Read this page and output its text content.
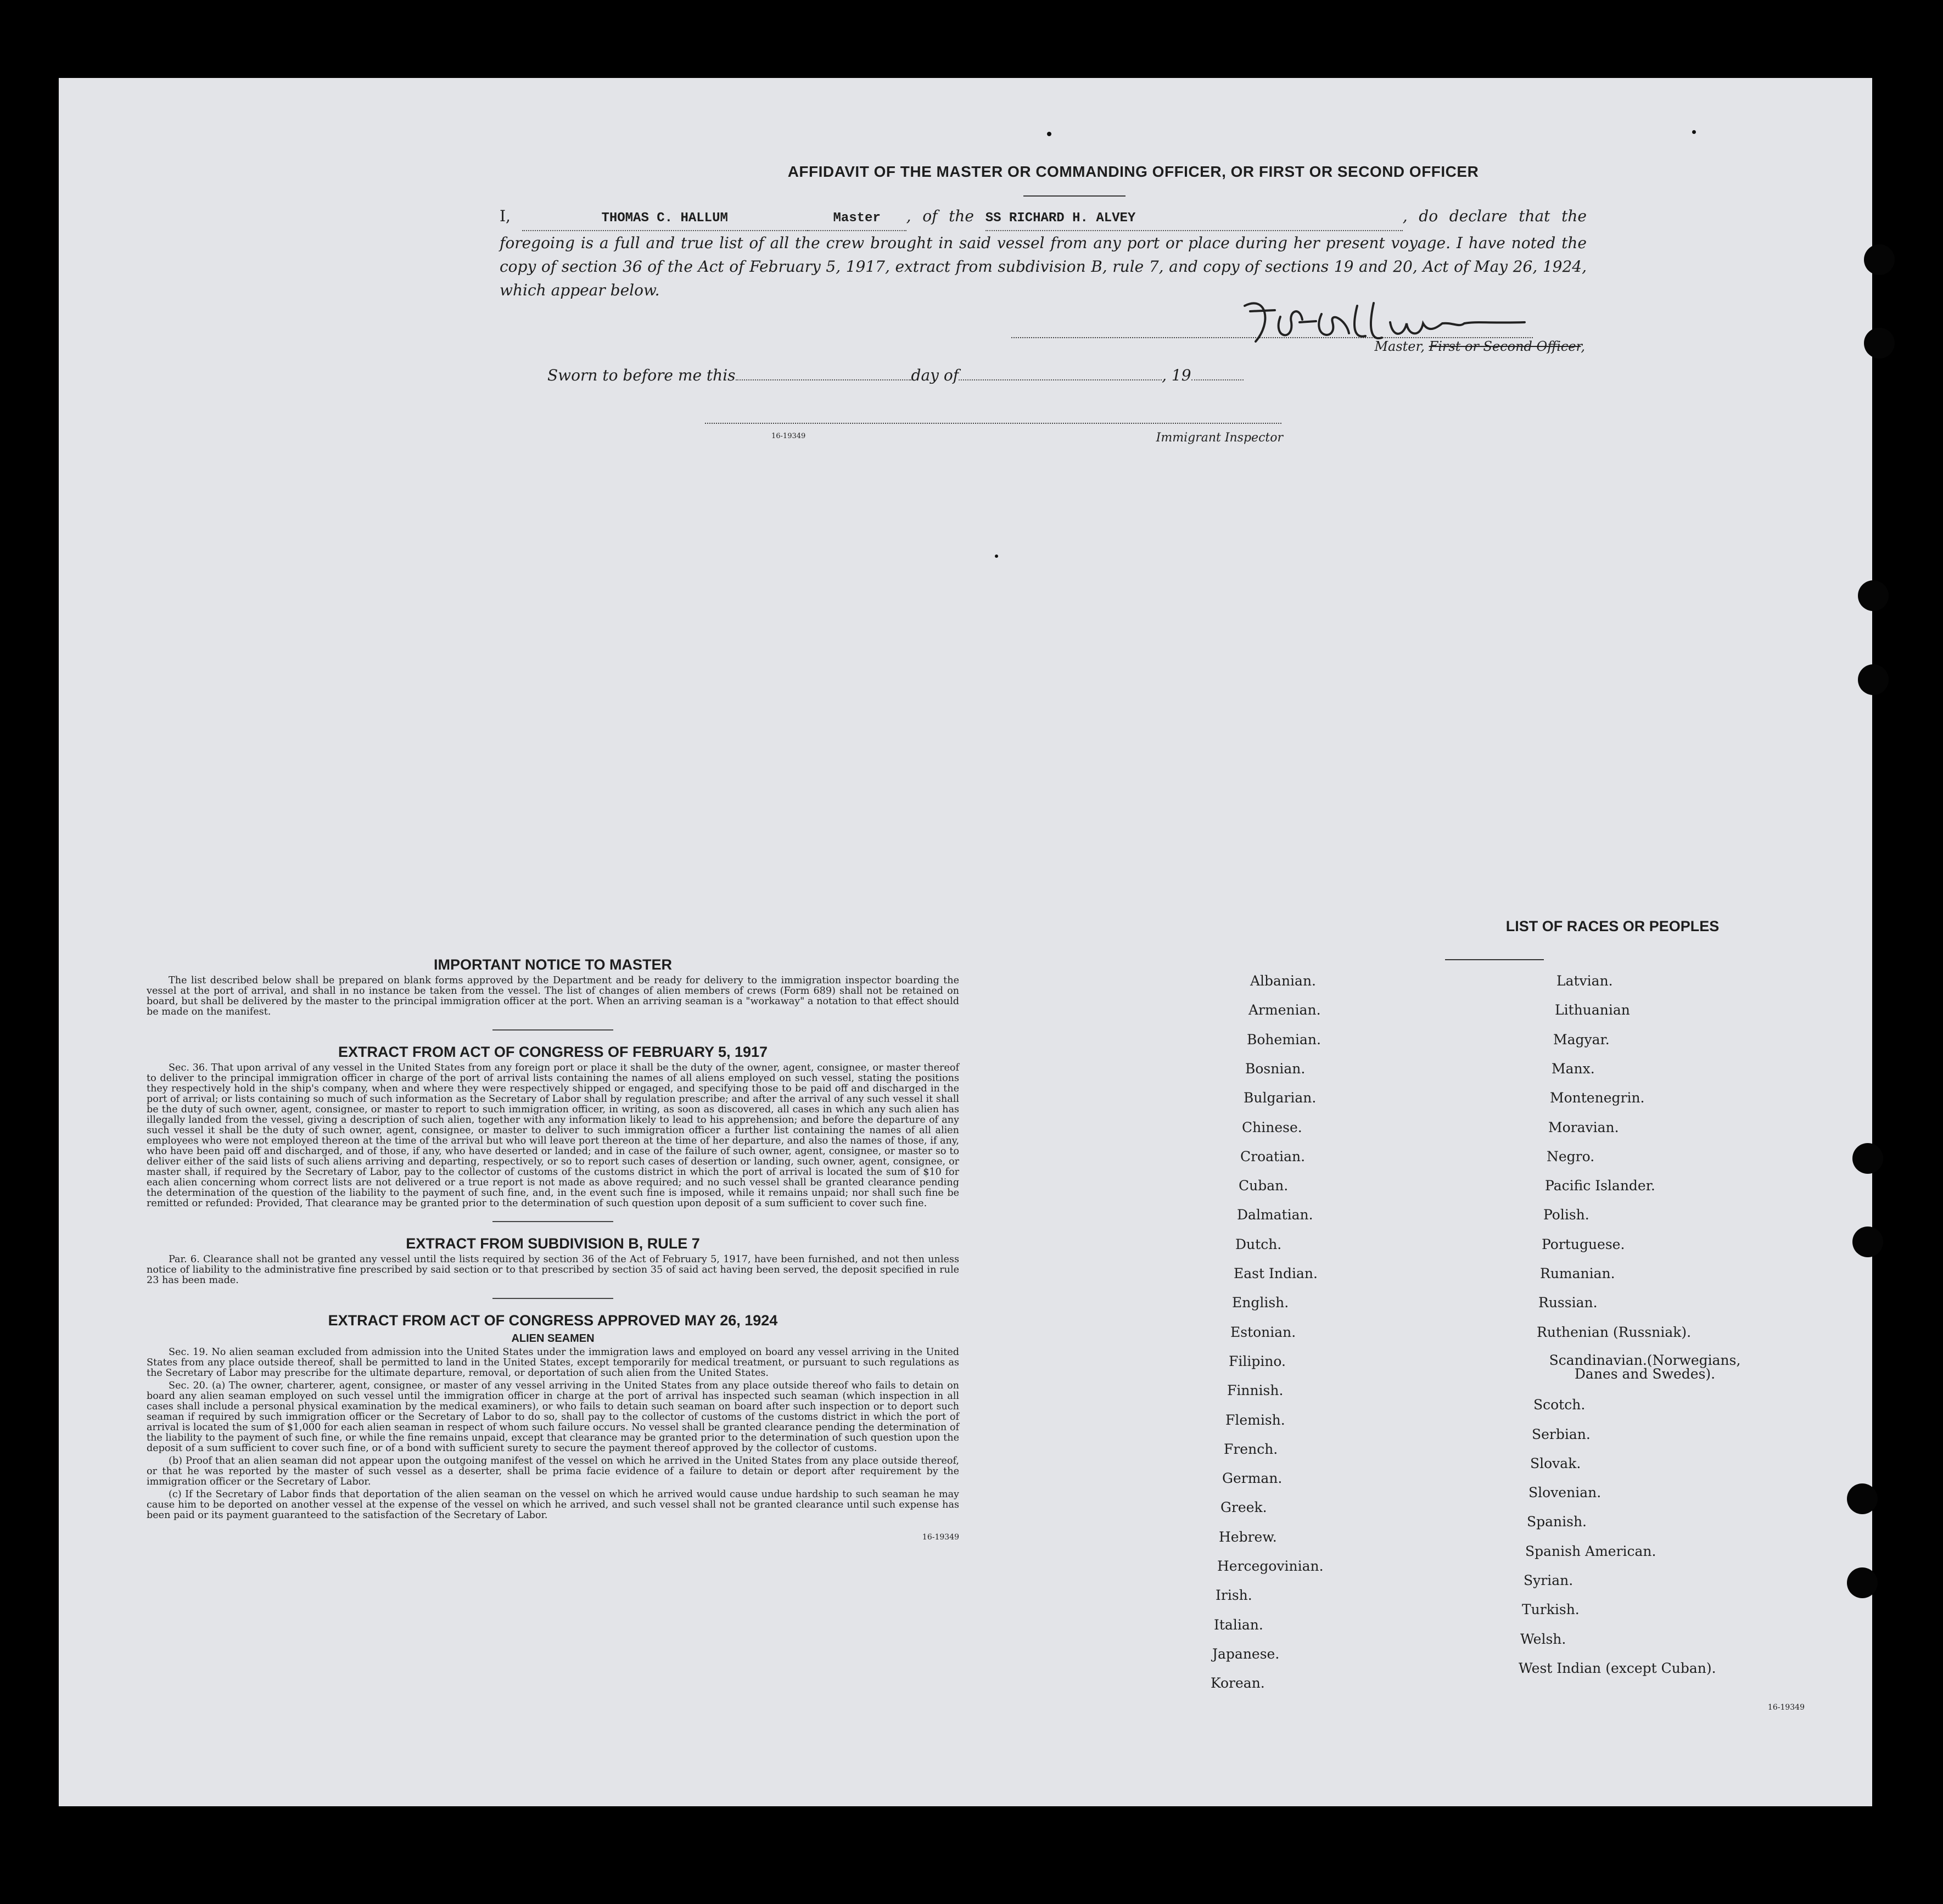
AFFIDAVIT OF THE MASTER OR COMMANDING OFFICER, OR FIRST OR SECOND OFFICER
I,	THOMAS C. HALLUM	Master , of the SS RICHARD H. ALVEY	, do declare that the foregoing is a full and true list of all the crew brought in said vessel from any port or place during her present voyage. I have noted the copy of section 36 of the Act of February 5, 1917, extract from subdivision B, rule 7, and copy of sections 19 and 20, Act of May 26, 1924, which appear below.
Master, First or Second Officer,
Sworn to before me this	day of	, 19
16-19349	Immigrant Inspector

IMPORTANT NOTICE TO MASTER

The list described below shall be prepared on blank forms approved by the Department and be ready for delivery to the immigration inspector boarding the vessel at the port of arrival, and shall in no instance be taken from the vessel. The list of changes of alien members of crews (Form 689) shall not be retained on board, but shall be delivered by the master to the principal immigration officer at the port. When an arriving seaman is a "workaway" a notation to that effect should be made on the manifest.

EXTRACT FROM ACT OF CONGRESS OF FEBRUARY 5, 1917

Sec. 36. That upon arrival of any vessel in the United States from any foreign port or place it shall be the duty of the owner, agent, consignee, or master thereof to deliver to the principal immigration officer in charge of the port of arrival lists containing the names of all aliens employed on such vessel, stating the positions they respectively hold in the ship's company, when and where they were respectively shipped or engaged, and specifying those to be paid off and discharged in the port of arrival; or lists containing so much of such information as the Secretary of Labor shall by regulation prescribe; and after the arrival of any such vessel it shall be the duty of such owner, agent, consignee, or master to report to such immigration officer, in writing, as soon as discovered, all cases in which any such alien has illegally landed from the vessel, giving a description of such alien, together with any information likely to lead to his apprehension; and before the departure of any such vessel it shall be the duty of such owner, agent, consignee, or master to deliver to such immigration officer a further list containing the names of all alien employees who were not employed thereon at the time of the arrival but who will leave port thereon at the time of her departure, and also the names of those, if any, who have been paid off and discharged, and of those, if any, who have deserted or landed; and in case of the failure of such owner, agent, consignee, or master so to deliver either of the said lists of such aliens arriving and departing, respectively, or so to report such cases of desertion or landing, such owner, agent, consignee, or master shall, if required by the Secretary of Labor, pay to the collector of customs of the customs district in which the port of arrival is located the sum of $10 for each alien concerning whom correct lists are not delivered or a true report is not made as above required; and no such vessel shall be granted clearance pending the determination of the question of the liability to the payment of such fine, and, in the event such fine is imposed, while it remains unpaid; nor shall such fine be remitted or refunded: Provided, That clearance may be granted prior to the determination of such question upon deposit of a sum sufficient to cover such fine.

EXTRACT FROM SUBDIVISION B, RULE 7

Par. 6. Clearance shall not be granted any vessel until the lists required by section 36 of the Act of February 5, 1917, have been furnished, and not then unless notice of liability to the administrative fine prescribed by said section or to that prescribed by section 35 of said act having been served, the deposit specified in rule 23 has been made.

EXTRACT FROM ACT OF CONGRESS APPROVED MAY 26, 1924

ALIEN SEAMEN

Sec. 19. No alien seaman excluded from admission into the United States under the immigration laws and employed on board any vessel arriving in the United States from any place outside thereof, shall be permitted to land in the United States, except temporarily for medical treatment, or pursuant to such regulations as the Secretary of Labor may prescribe for the ultimate departure, removal, or deportation of such alien from the United States.

Sec. 20. (a) The owner, charterer, agent, consignee, or master of any vessel arriving in the United States from any place outside thereof who fails to detain on board any alien seaman employed on such vessel until the immigration officer in charge at the port of arrival has inspected such seaman (which inspection in all cases shall include a personal physical examination by the medical examiners), or who fails to detain such seaman on board after such inspection or to deport such seaman if required by such immigration officer or the Secretary of Labor to do so, shall pay to the collector of customs of the customs district in which the port of arrival is located the sum of $1,000 for each alien seaman in respect of whom such failure occurs. No vessel shall be granted clearance pending the determination of the liability to the payment of such fine, or while the fine remains unpaid, except that clearance may be granted prior to the determination of such question upon the deposit of a sum sufficient to cover such fine, or of a bond with sufficient surety to secure the payment thereof approved by the collector of customs.

(b) Proof that an alien seaman did not appear upon the outgoing manifest of the vessel on which he arrived in the United States from any place outside thereof, or that he was reported by the master of such vessel as a deserter, shall be prima facie evidence of a failure to detain or deport after requirement by the immigration officer or the Secretary of Labor.

(c) If the Secretary of Labor finds that deportation of the alien seaman on the vessel on which he arrived would cause undue hardship to such seaman he may cause him to be deported on another vessel at the expense of the vessel on which he arrived, and such vessel shall not be granted clearance until such expense has been paid or its payment guaranteed to the satisfaction of the Secretary of Labor.

16-19349
LIST OF RACES OR PEOPLES
16-19349
Albanian.
Armenian.
Bohemian.
Bosnian.
Bulgarian.
Chinese.
Croatian.
Cuban.
Dalmatian.
Dutch.
East Indian.
English.
Estonian.
Filipino.
Finnish.
Flemish.
French.
German.
Greek.
Hebrew.
Hercegovinian.
Irish.
Italian.
Japanese.
Korean.
Latvian.
Lithuanian
Magyar.
Manx.
Montenegrin.
Moravian.
Negro.
Pacific Islander.
Polish.
Portuguese.
Rumanian.
Russian.
Ruthenian (Russniak).
Scandinavian.(Norwegians, Danes and Swedes).
Scotch.
Serbian.
Slovak.
Slovenian.
Spanish.
Spanish American.
Syrian.
Turkish.
Welsh.
West Indian (except Cuban).
